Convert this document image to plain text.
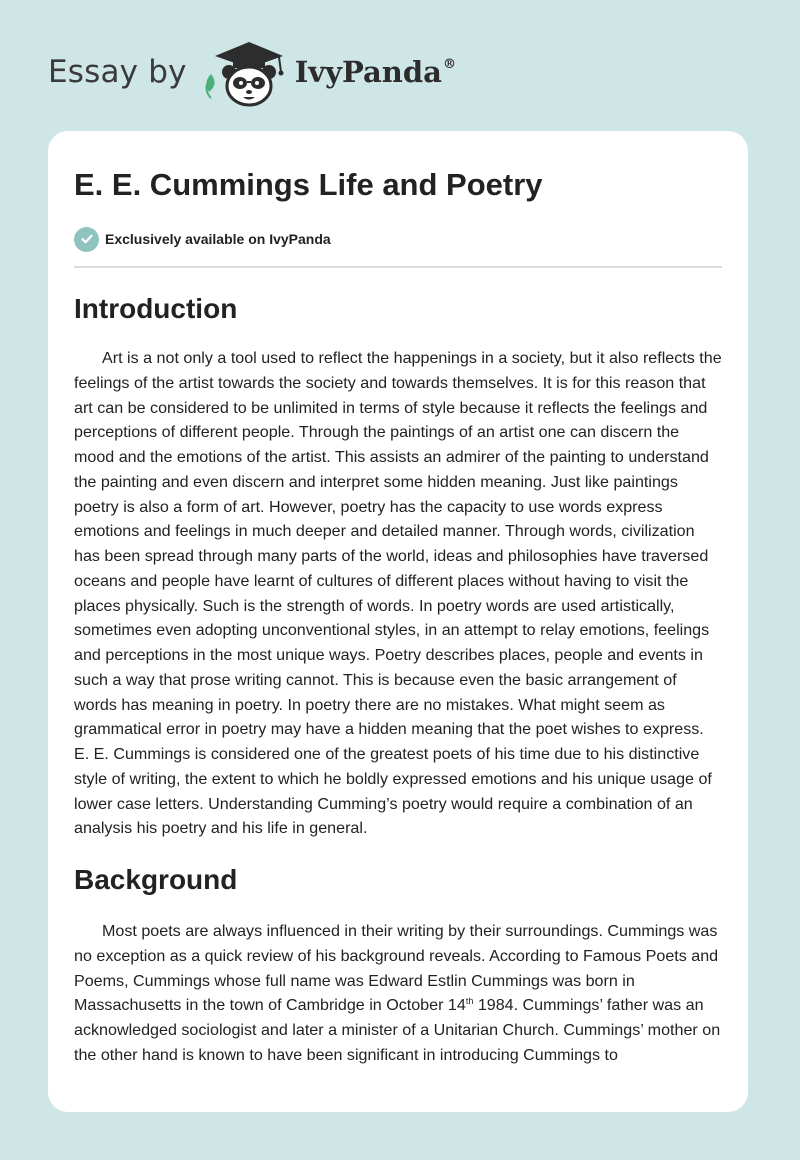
Essay by	IvyPanda®
E. E. Cummings Life and Poetry
Exclusively available on IvyPanda
Introduction

Art is a not only a tool used to reflect the happenings in a society, but it also reflects the feelings of the artist towards the society and towards themselves. It is for this reason that art can be considered to be unlimited in terms of style because it reflects the feelings and perceptions of different people. Through the paintings of an artist one can discern the mood and the emotions of the artist. This assists an admirer of the painting to understand the painting and even discern and interpret some hidden meaning. Just like paintings poetry is also a form of art. However, poetry has the capacity to use words express emotions and feelings in much deeper and detailed manner. Through words, civilization has been spread through many parts of the world, ideas and philosophies have traversed oceans and people have learnt of cultures of different places without having to visit the places physically. Such is the strength of words. In poetry words are used artistically, sometimes even adopting unconventional styles, in an attempt to relay emotions, feelings and perceptions in the most unique ways. Poetry describes places, people and events in such a way that prose writing cannot. This is because even the basic arrangement of words has meaning in poetry. In poetry there are no mistakes. What might seem as grammatical error in poetry may have a hidden meaning that the poet wishes to express. E. E. Cummings is considered one of the greatest poets of his time due to his distinctive style of writing, the extent to which he boldly expressed emotions and his unique usage of lower case letters. Understanding Cumming’s poetry would require a combination of an analysis his poetry and his life in general.

Background

Most poets are always influenced in their writing by their surroundings. Cummings was no exception as a quick review of his background reveals. According to Famous Poets and Poems, Cummings whose full name was Edward Estlin Cummings was born in Massachusetts in the town of Cambridge in October 14th 1984. Cummings’ father was an acknowledged sociologist and later a minister of a Unitarian Church. Cummings’ mother on the other hand is known to have been significant in introducing Cummings to
